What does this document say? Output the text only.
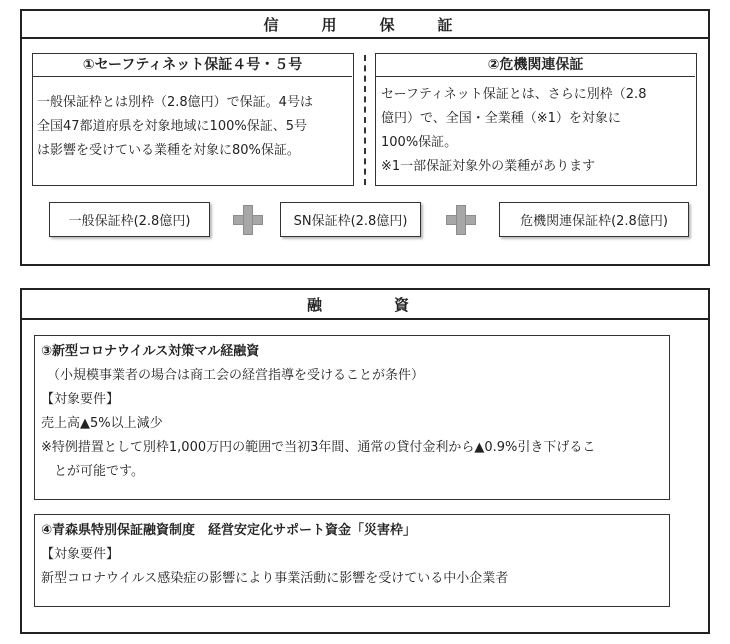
信　用　保　証
①セーフティネット保証４号・５号
一般保証枠とは別枠（2.8億円）で保証。4号は
全国47都道府県を対象地域に100%保証、5号
は影響を受けている業種を対象に80%保証。
②危機関連保証
セーフティネット保証とは、さらに別枠（2.8
億円）で、全国・全業種（※1）を対象に
100%保証。
※1一部保証対象外の業種があります
一般保証枠(2.8億円)	SN保証枠(2.8億円)	危機関連保証枠(2.8億円)
融　　資
③新型コロナウイルス対策マル経融資
（小規模事業者の場合は商工会の経営指導を受けることが条件）
【対象要件】
売上高▲5%以上減少
※特例措置として別枠1,000万円の範囲で当初3年間、通常の貸付金利から▲0.9%引き下げるこ
とが可能です。
④青森県特別保証融資制度　経営安定化サポート資金「災害枠」
【対象要件】
新型コロナウイルス感染症の影響により事業活動に影響を受けている中小企業者
